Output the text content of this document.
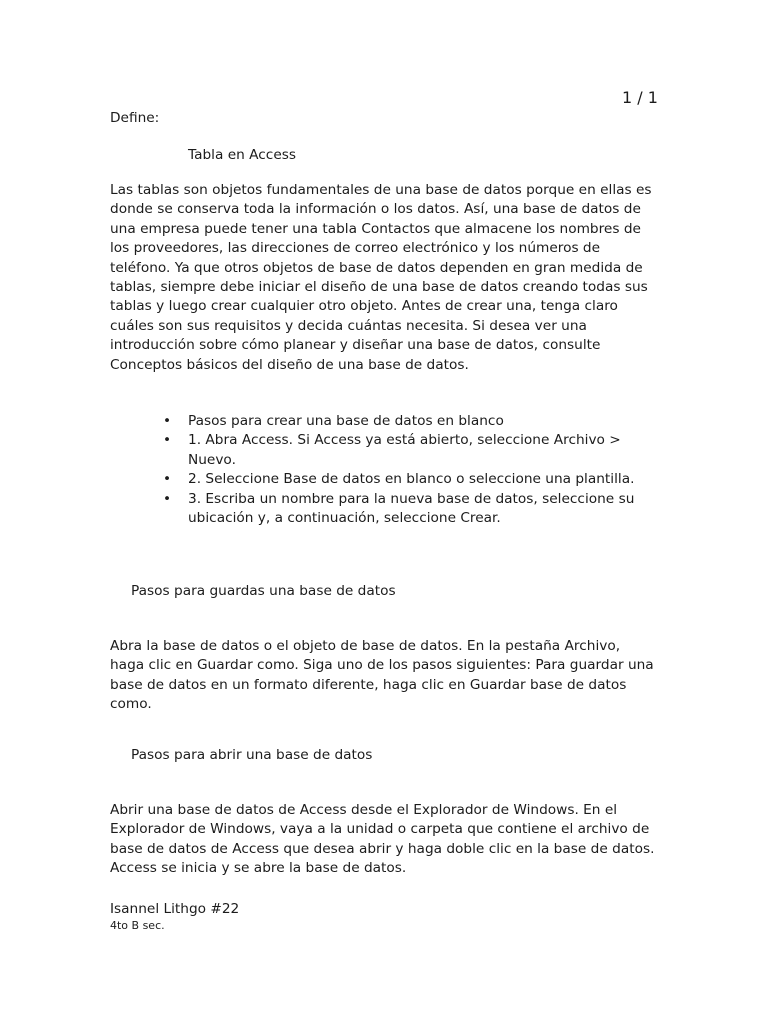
1 / 1
Define:
Tabla en Access

Las tablas son objetos fundamentales de una base de datos porque en ellas es donde se conserva toda la información o los datos. Así, una base de datos de una empresa puede tener una tabla Contactos que almacene los nombres de los proveedores, las direcciones de correo electrónico y los números de teléfono. Ya que otros objetos de base de datos dependen en gran medida de tablas, siempre debe iniciar el diseño de una base de datos creando todas sus tablas y luego crear cualquier otro objeto. Antes de crear una, tenga claro cuáles son sus requisitos y decida cuántas necesita. Si desea ver una introducción sobre cómo planear y diseñar una base de datos, consulte Conceptos básicos del diseño de una base de datos.

• Pasos para crear una base de datos en blanco
• 1. Abra Access. Si Access ya está abierto, seleccione Archivo > Nuevo.
• 2. Seleccione Base de datos en blanco o seleccione una plantilla.
• 3. Escriba un nombre para la nueva base de datos, seleccione su ubicación y, a continuación, seleccione Crear.
Pasos para guardas una base de datos

Abra la base de datos o el objeto de base de datos. En la pestaña Archivo, haga clic en Guardar como. Siga uno de los pasos siguientes: Para guardar una base de datos en un formato diferente, haga clic en Guardar base de datos como.

Pasos para abrir una base de datos

Abrir una base de datos de Access desde el Explorador de Windows. En el Explorador de Windows, vaya a la unidad o carpeta que contiene el archivo de base de datos de Access que desea abrir y haga doble clic en la base de datos. Access se inicia y se abre la base de datos.

Isannel Lithgo #22
4to B sec.
